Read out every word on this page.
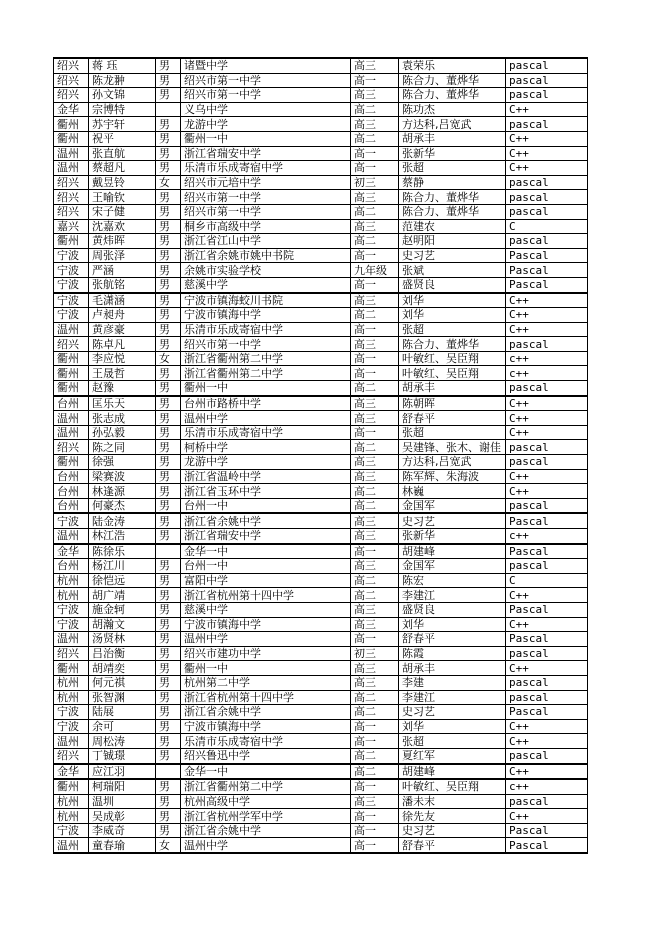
绍兴	蒋 珏	男	诸暨中学	高三	袁荣乐	pascal
绍兴	陈龙翀	男	绍兴市第一中学	高一	陈合力、董烨华	pascal
绍兴	孙文锦	男	绍兴市第一中学	高三	陈合力、董烨华	pascal
金华	宗博特		义乌中学	高二	陈功杰	C++
衢州	苏宇轩	男	龙游中学	高三	方达科,吕宽武	pascal
衢州	祝平	男	衢州一中	高二	胡承丰	C++
温州	张直航	男	浙江省瑞安中学	高一	张新华	C++
温州	蔡超凡	男	乐清市乐成寄宿中学	高一	张超	C++
绍兴	戴昱铃	女	绍兴市元培中学	初三	蔡静	pascal
绍兴	王喻钦	男	绍兴市第一中学	高三	陈合力、董烨华	pascal
绍兴	宋子健	男	绍兴市第一中学	高二	陈合力、董烨华	pascal
嘉兴	沈嘉欢	男	桐乡市高级中学	高三	范建农	C
衢州	黄炜晖	男	浙江省江山中学	高二	赵明阳	pascal
宁波	周张泽	男	浙江省余姚市姚中书院	高一	史习艺	Pascal
宁波	严涵	男	余姚市实验学校	九年级	张斌	Pascal
宁波	张航铭	男	慈溪中学	高一	盛贤良	Pascal
宁波	毛潇涵	男	宁波市镇海蛟川书院	高三	刘华	C++
宁波	卢昶舟	男	宁波市镇海中学	高二	刘华	C++
温州	黄彦豪	男	乐清市乐成寄宿中学	高一	张超	C++
绍兴	陈卓凡	男	绍兴市第一中学	高三	陈合力、董烨华	pascal
衢州	李应悦	女	浙江省衢州第二中学	高一	叶敏红、吴臣翔	c++
衢州	王晟哲	男	浙江省衢州第二中学	高一	叶敏红、吴臣翔	c++
衢州	赵豫	男	衢州一中	高二	胡承丰	pascal
台州	匡乐天	男	台州市路桥中学	高三	陈朝晖	C++
温州	张志成	男	温州中学	高三	舒春平	C++
温州	孙弘毅	男	乐清市乐成寄宿中学	高一	张超	C++
绍兴	陈之同	男	柯桥中学	高二	吴建锋、张木、谢佳	pascal
衢州	徐强	男	龙游中学	高三	方达科,吕宽武	pascal
台州	梁赛波	男	浙江省温岭中学	高三	陈军辉、朱海波	C++
台州	林逢源	男	浙江省玉环中学	高二	林巍	C++
台州	何豪杰	男	台州一中	高二	金国军	pascal
宁波	陆金涛	男	浙江省余姚中学	高三	史习艺	Pascal
温州	林江浩	男	浙江省瑞安中学	高三	张新华	c++
金华	陈徐乐		金华一中	高一	胡建峰	Pascal
台州	杨江川	男	台州一中	高三	金国军	pascal
杭州	徐恺远	男	富阳中学	高二	陈宏	C
杭州	胡广靖	男	浙江省杭州第十四中学	高二	李建江	C++
宁波	施金轲	男	慈溪中学	高三	盛贤良	Pascal
宁波	胡瀚文	男	宁波市镇海中学	高三	刘华	C++
温州	汤贤林	男	温州中学	高一	舒春平	Pascal
绍兴	吕治衡	男	绍兴市建功中学	初三	陈霞	pascal
衢州	胡靖奕	男	衢州一中	高三	胡承丰	C++
杭州	何元祺	男	杭州第二中学	高三	李建	pascal
杭州	张智渊	男	浙江省杭州第十四中学	高二	李建江	pascal
宁波	陆展	男	浙江省余姚中学	高二	史习艺	Pascal
宁波	余可	男	宁波市镇海中学	高一	刘华	C++
温州	周松涛	男	乐清市乐成寄宿中学	高一	张超	C++
绍兴	丁铖璟	男	绍兴鲁迅中学	高二	夏红军	pascal
金华	应江羽		金华一中	高二	胡建峰	C++
衢州	柯瑞阳	男	浙江省衢州第二中学	高一	叶敏红、吴臣翔	c++
杭州	温圳	男	杭州高级中学	高三	潘未末	pascal
杭州	吴成彰	男	浙江省杭州学军中学	高一	徐先友	C++
宁波	李威奇	男	浙江省余姚中学	高一	史习艺	Pascal
温州	童春瑜	女	温州中学	高一	舒春平	Pascal
